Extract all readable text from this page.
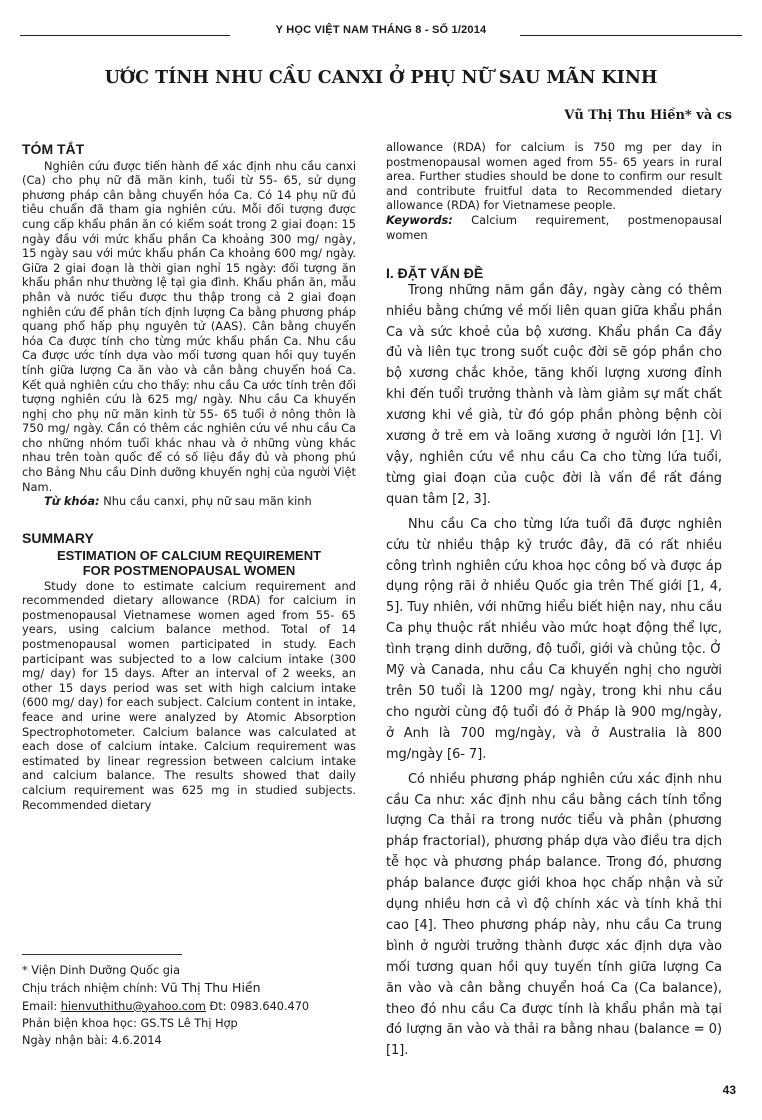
Y HỌC VIỆT NAM THÁNG 8 - SỐ 1/2014
ƯỚC TÍNH NHU CẦU CANXI Ở PHỤ NỮ SAU MÃN KINH
Vũ Thị Thu Hiền* và cs
TÓM TẮT

Nghiên cứu được tiến hành để xác định nhu cầu canxi (Ca) cho phụ nữ đã mãn kinh, tuổi từ 55- 65, sử dụng phương pháp cân bằng chuyển hóa Ca. Có 14 phụ nữ đủ tiêu chuẩn đã tham gia nghiên cứu. Mỗi đối tượng được cung cấp khẩu phần ăn có kiểm soát trong 2 giai đoạn: 15 ngày đầu với mức khẩu phần Ca khoảng 300 mg/ ngày, 15 ngày sau với mức khẩu phần Ca khoảng 600 mg/ ngày. Giữa 2 giai đoạn là thời gian nghỉ 15 ngày: đối tượng ăn khẩu phần như thường lệ tại gia đình. Khẩu phần ăn, mẫu phân và nước tiểu được thu thập trong cả 2 giai đoạn nghiên cứu để phân tích định lượng Ca bằng phương pháp quang phổ hấp phụ nguyên tử (AAS). Cân bằng chuyển hóa Ca được tính cho từng mức khẩu phần Ca. Nhu cầu Ca được ước tính dựa vào mối tương quan hồi quy tuyến tính giữa lượng Ca ăn vào và cân bằng chuyển hoá Ca. Kết quả nghiên cứu cho thấy: nhu cầu Ca ước tính trên đối tượng nghiên cứu là 625 mg/ ngày. Nhu cầu Ca khuyến nghị cho phụ nữ mãn kinh từ 55- 65 tuổi ở nông thôn là 750 mg/ ngày. Cần có thêm các nghiên cứu về nhu cầu Ca cho những nhóm tuổi khác nhau và ở những vùng khác nhau trên toàn quốc để có số liệu đầy đủ và phong phú cho Bảng Nhu cầu Dinh dưỡng khuyến nghị của người Việt Nam.

Từ khóa: Nhu cầu canxi, phụ nữ sau mãn kinh

SUMMARY

ESTIMATION OF CALCIUM REQUIREMENT

FOR POSTMENOPAUSAL WOMEN

Study done to estimate calcium requirement and recommended dietary allowance (RDA) for calcium in postmenopausal Vietnamese women aged from 55- 65 years, using calcium balance method. Total of 14 postmenopausal women participated in study. Each participant was subjected to a low calcium intake (300 mg/ day) for 15 days. After an interval of 2 weeks, an other 15 days period was set with high calcium intake (600 mg/ day) for each subject. Calcium content in intake, feace and urine were analyzed by Atomic Absorption Spectrophotometer. Calcium balance was calculated at each dose of calcium intake. Calcium requirement was estimated by linear regression between calcium intake and calcium balance. The results showed that daily calcium requirement was 625 mg in studied subjects. Recommended dietary

allowance (RDA) for calcium is 750 mg per day in postmenopausal women aged from 55- 65 years in rural area. Further studies should be done to confirm our result and contribute fruitful data to Recommended dietary allowance (RDA) for Vietnamese people.

Keywords: Calcium requirement, postmenopausal women

I. ĐẶT VẤN ĐỀ

Trong những năm gần đây, ngày càng có thêm nhiều bằng chứng về mối liên quan giữa khẩu phần Ca và sức khoẻ của bộ xương. Khẩu phần Ca đầy đủ và liên tục trong suốt cuộc đời sẽ góp phần cho bộ xương chắc khỏe, tăng khối lượng xương đỉnh khi đến tuổi trưởng thành và làm giảm sự mất chất xương khi về già, từ đó góp phần phòng bệnh còi xương ở trẻ em và loãng xương ở người lớn [1]. Vì vậy, nghiên cứu về nhu cầu Ca cho từng lứa tuổi, từng giai đoạn của cuộc đời là vấn đề rất đáng quan tâm [2, 3].

Nhu cầu Ca cho từng lứa tuổi đã được nghiên cứu từ nhiều thập kỷ trước đây, đã có rất nhiều công trình nghiên cứu khoa học công bố và được áp dụng rộng rãi ở nhiều Quốc gia trên Thế giới [1, 4, 5]. Tuy nhiên, với những hiểu biết hiện nay, nhu cầu Ca phụ thuộc rất nhiều vào mức hoạt động thể lực, tình trạng dinh dưỡng, độ tuổi, giới và chủng tộc. Ở Mỹ và Canada, nhu cầu Ca khuyến nghị cho người trên 50 tuổi là 1200 mg/ ngày, trong khi nhu cầu cho người cùng độ tuổi đó ở Pháp là 900 mg/ngày, ở Anh là 700 mg/ngày, và ở Australia là 800 mg/ngày [6- 7].

Có nhiều phương pháp nghiên cứu xác định nhu cầu Ca như: xác định nhu cầu bằng cách tính tổng lượng Ca thải ra trong nước tiểu và phân (phương pháp fractorial), phương pháp dựa vào điều tra dịch tễ học và phương pháp balance. Trong đó, phương pháp balance được giới khoa học chấp nhận và sử dụng nhiều hơn cả vì độ chính xác và tính khả thi cao [4]. Theo phương pháp này, nhu cầu Ca trung bình ở người trưởng thành được xác định dựa vào mối tương quan hồi quy tuyến tính giữa lượng Ca ăn vào và cân bằng chuyển hoá Ca (Ca balance), theo đó nhu cầu Ca được tính là khẩu phần mà tại đó lượng ăn vào và thải ra bằng nhau (balance = 0) [1].

* Viện Dinh Dưỡng Quốc gia
Chịu trách nhiệm chính: Vũ Thị Thu Hiền
Email: hienvuthithu@yahoo.com Đt: 0983.640.470
Phản biện khoa học: GS.TS Lê Thị Hợp
Ngày nhận bài: 4.6.2014
43
